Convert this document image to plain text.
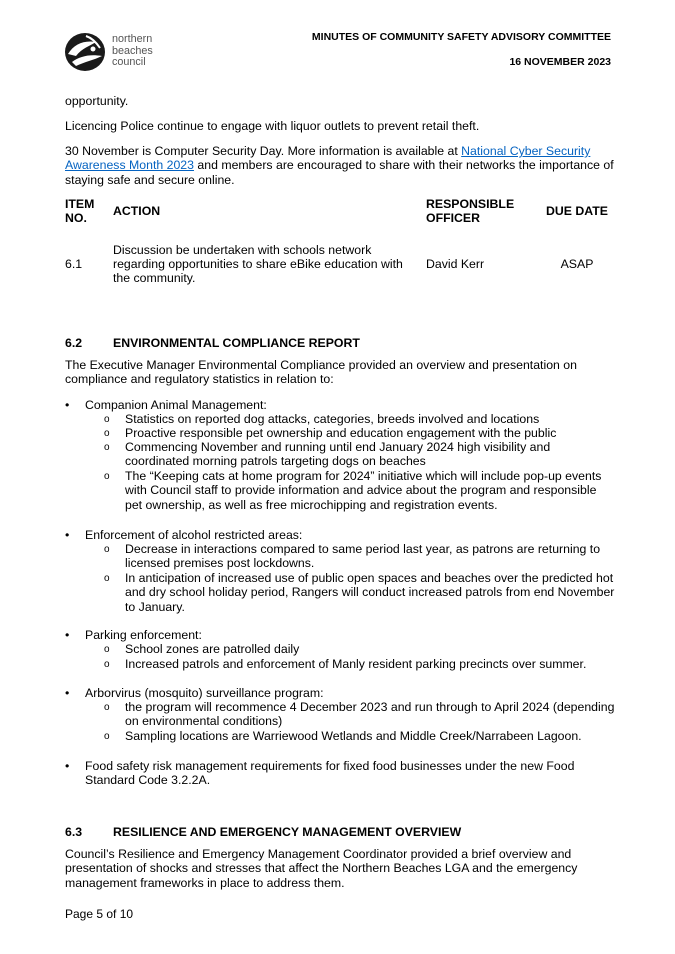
northern
beaches
council
MINUTES OF COMMUNITY SAFETY ADVISORY COMMITTEE
16 NOVEMBER 2023

opportunity.

Licencing Police continue to engage with liquor outlets to prevent retail theft.

30 November is Computer Security Day. More information is available at National Cyber Security Awareness Month 2023 and members are encouraged to share with their networks the importance of staying safe and secure online.

ITEM NO.	ACTION	RESPONSIBLE OFFICER	DUE DATE
6.1	Discussion be undertaken with schools network regarding opportunities to share eBike education with the community.	David Kerr	ASAP
6.2	ENVIRONMENTAL COMPLIANCE REPORT

The Executive Manager Environmental Compliance provided an overview and presentation on compliance and regulatory statistics in relation to:

• Companion Animal Management:
o Statistics on reported dog attacks, categories, breeds involved and locations
o Proactive responsible pet ownership and education engagement with the public
o Commencing November and running until end January 2024 high visibility and coordinated morning patrols targeting dogs on beaches
o The “Keeping cats at home program for 2024” initiative which will include pop-up events with Council staff to provide information and advice about the program and responsible pet ownership, as well as free microchipping and registration events.
• Enforcement of alcohol restricted areas:
o Decrease in interactions compared to same period last year, as patrons are returning to licensed premises post lockdowns.
o In anticipation of increased use of public open spaces and beaches over the predicted hot and dry school holiday period, Rangers will conduct increased patrols from end November to January.
• Parking enforcement:
o School zones are patrolled daily
o Increased patrols and enforcement of Manly resident parking precincts over summer.
• Arborvirus (mosquito) surveillance program:
o the program will recommence 4 December 2023 and run through to April 2024 (depending on environmental conditions)
o Sampling locations are Warriewood Wetlands and Middle Creek/Narrabeen Lagoon.
• Food safety risk management requirements for fixed food businesses under the new Food Standard Code 3.2.2A.
6.3	RESILIENCE AND EMERGENCY MANAGEMENT OVERVIEW

Council’s Resilience and Emergency Management Coordinator provided a brief overview and presentation of shocks and stresses that affect the Northern Beaches LGA and the emergency management frameworks in place to address them.

Page 5 of 10
